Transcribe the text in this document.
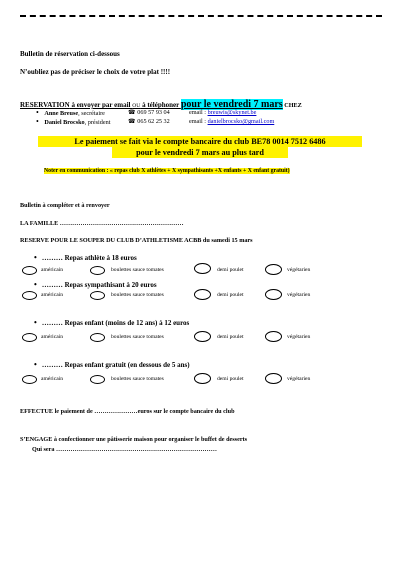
Bulletin de réservation ci-dessous
N’oubliez pas de préciser le choix de votre plat !!!!
RESERVATION à envoyer par email OU à téléphoner pour le vendredi 7 mars CHEZ
• Anne Breuse, secrétaire	☎ 069 57 93 04	email : breuwis@skynet.be
• Daniel Brocsko, président	☎ 065 62 25 32	email : danielbrocsko@gmail.com
Le paiement se fait via le compte bancaire du club BE78 0014 7512 6486
pour le vendredi 7 mars au plus tard
Noter en communication : « repas club X athlètes + X sympathisants +X enfants + X enfant gratuit)
Bulletin à compléter et à renvoyer
LA FAMILLE ……………………………………………………
RESERVE POUR LE SOUPER DU CLUB D’ATHLETISME ACBB du samedi 15 mars
• ……… Repas athlète à 18 euros
américain	boulettes sauce tomates	demi poulet	végétarien
• ……… Repas sympathisant à 20 euros
américain	boulettes sauce tomates	demi poulet	végétarien
• ……… Repas enfant (moins de 12 ans) à 12 euros
américain	boulettes sauce tomates	demi poulet	végétarien
• ……… Repas enfant gratuit (en dessous de 5 ans)
américain	boulettes sauce tomates	demi poulet	végétarien
EFFECTUE le paiement de …………………euros sur le compte bancaire du club
S’ENGAGE à confectionner une pâtisserie maison pour organiser le buffet de desserts
Qui sera ……………………………………………………………………
